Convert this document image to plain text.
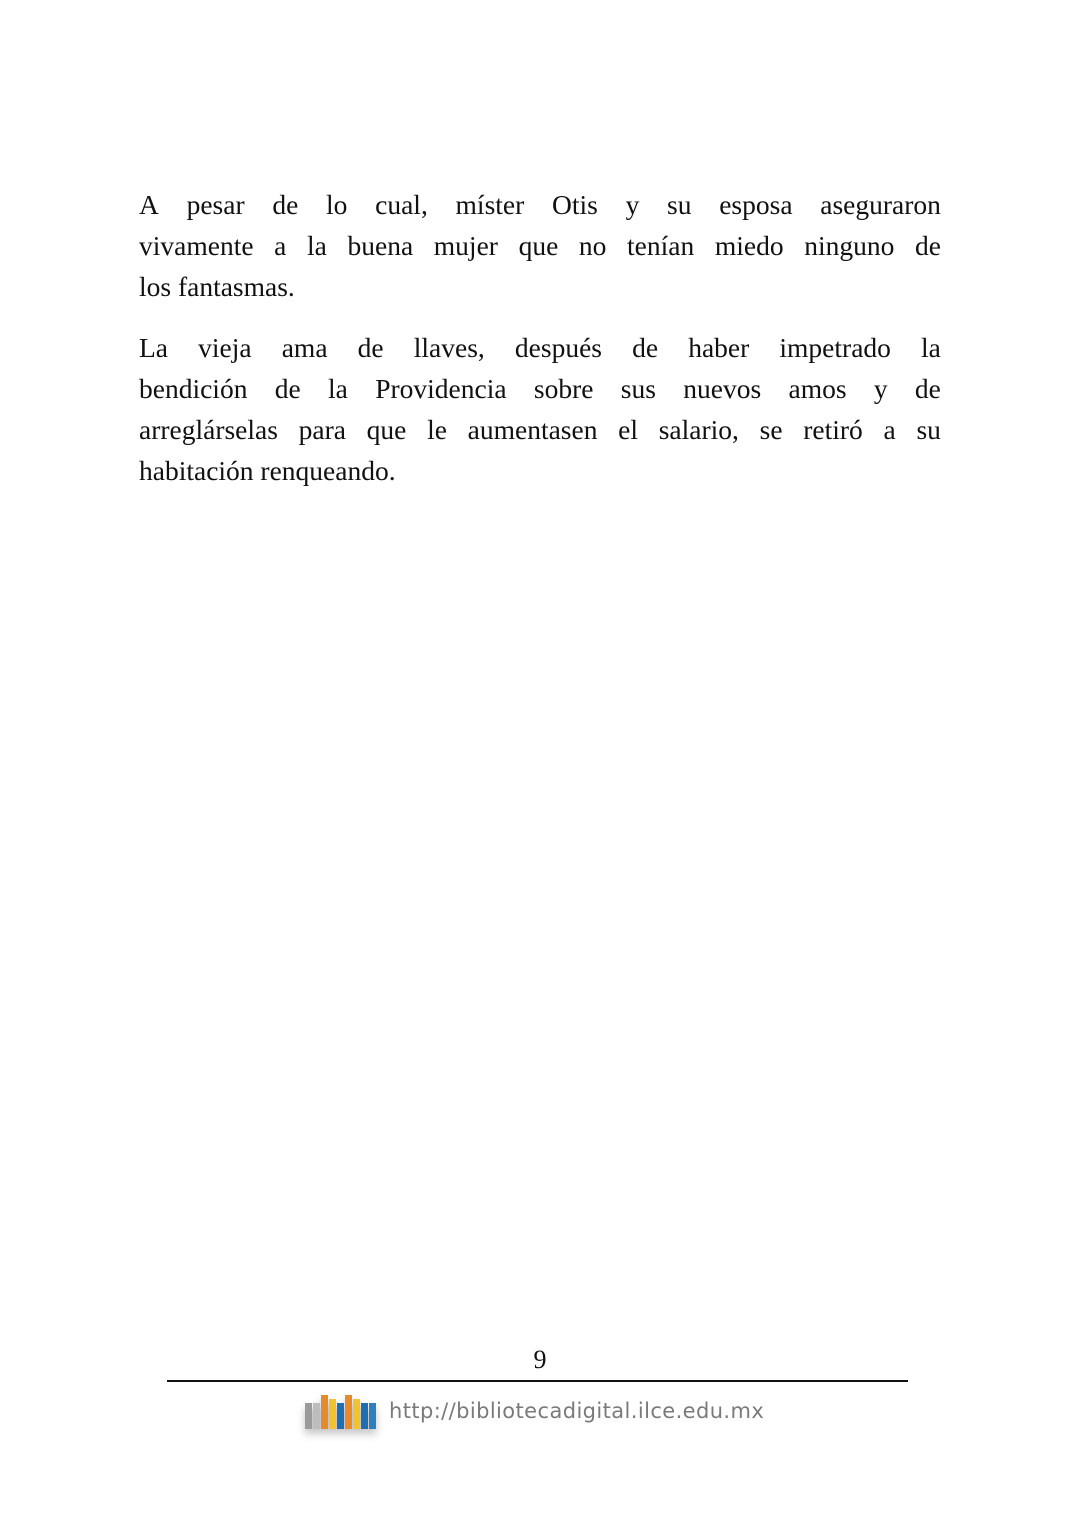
A pesar de lo cual, míster Otis y su esposa aseguraron
vivamente a la buena mujer que no tenían miedo ninguno de
los fantasmas.
La vieja ama de llaves, después de haber impetrado la
bendición de la Providencia sobre sus nuevos amos y de
arreglárselas para que le aumentasen el salario, se retiró a su
habitación renqueando.
9
http://bibliotecadigital.ilce.edu.mx
